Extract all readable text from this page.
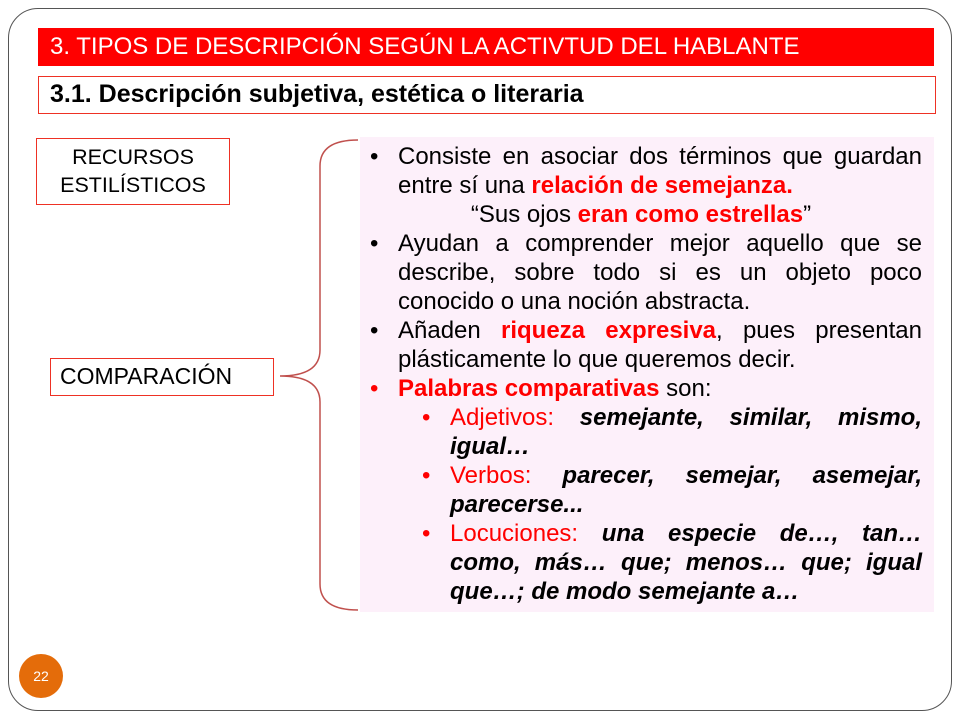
3. TIPOS DE DESCRIPCIÓN SEGÚN LA ACTIVTUD DEL HABLANTE
3.1. Descripción subjetiva, estética o literaria
RECURSOS ESTILÍSTICOS
COMPARACIÓN
•
Consiste en asociar dos términos que guardan entre sí una relación de semejanza.
“Sus ojos eran como estrellas”
•
Ayudan a comprender mejor aquello que se describe, sobre todo si es un objeto poco conocido o una noción abstracta.
•
Añaden riqueza expresiva, pues presentan plásticamente lo que queremos decir.
•
Palabras comparativas son:
•
Adjetivos: semejante, similar, mismo, igual…
•
Verbos: parecer, semejar, asemejar, parecerse...
•
Locuciones: una especie de…, tan… como, más… que; menos… que; igual que…; de modo semejante a…
22
